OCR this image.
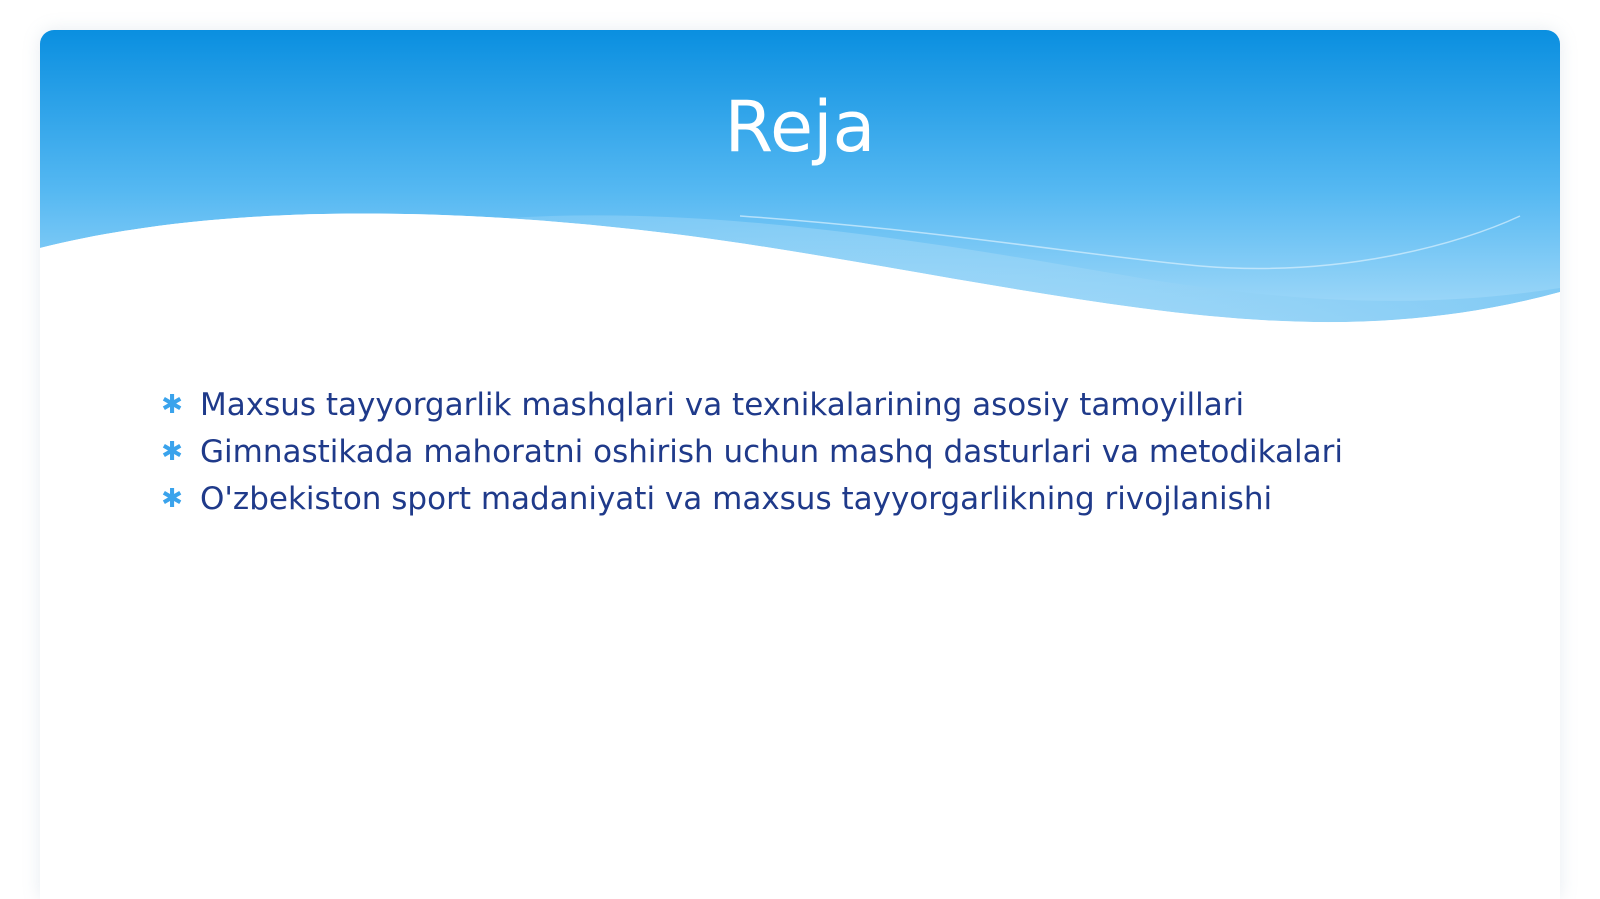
Reja
✱ Maxsus tayyorgarlik mashqlari va texnikalarining asosiy tamoyillari
✱ Gimnastikada mahoratni oshirish uchun mashq dasturlari va metodikalari
✱ O'zbekiston sport madaniyati va maxsus tayyorgarlikning rivojlanishi
